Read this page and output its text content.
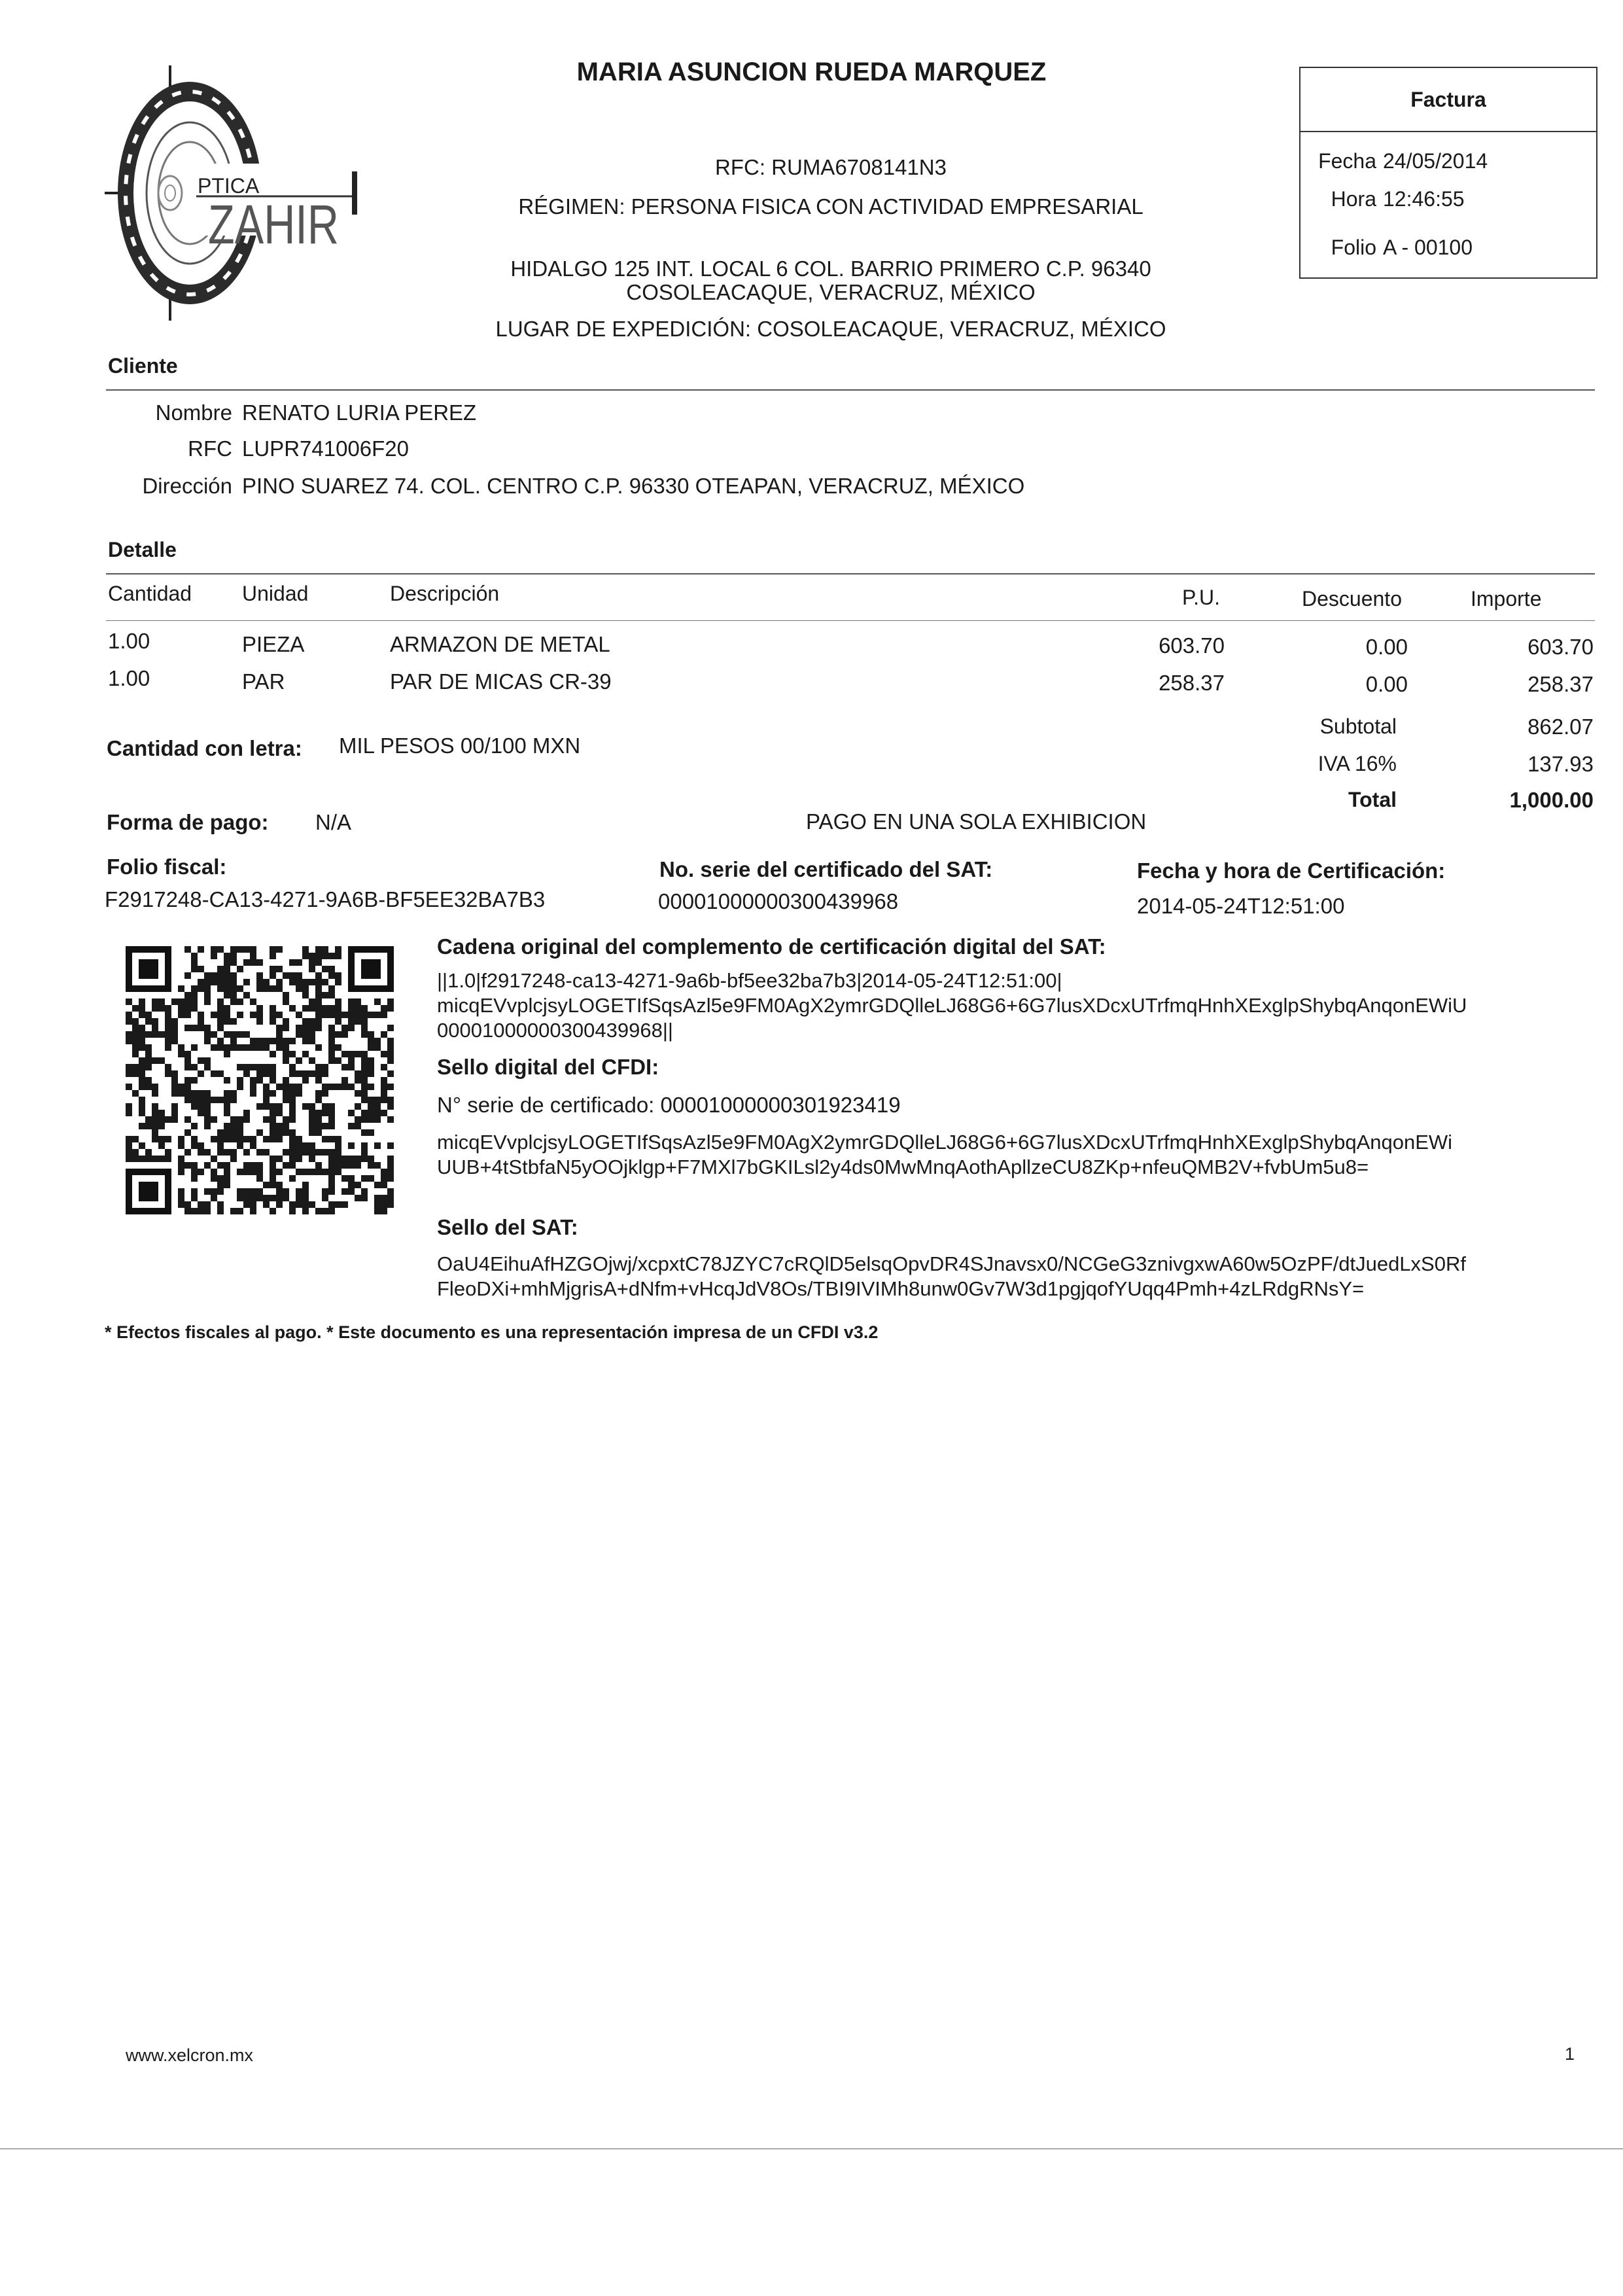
PTICA
ZAHIR
MARIA ASUNCION RUEDA MARQUEZ
RFC: RUMA6708141N3
RÉGIMEN: PERSONA FISICA CON ACTIVIDAD EMPRESARIAL
HIDALGO 125 INT. LOCAL 6 COL. BARRIO PRIMERO C.P. 96340
COSOLEACAQUE, VERACRUZ, MÉXICO
LUGAR DE EXPEDICIÓN: COSOLEACAQUE, VERACRUZ, MÉXICO
Factura
Fecha 24/05/2014
Hora 12:46:55
Folio A - 00100
Cliente
Nombre RENATO LURIA PEREZ
RFC LUPR741006F20
Dirección PINO SUAREZ 74. COL. CENTRO C.P. 96330 OTEAPAN, VERACRUZ, MÉXICO
Detalle
Cantidad Unidad	Descripción	P.U.	Descuento	Importe
1.00	PIEZA	ARMAZON DE METAL	603.70	0.00	603.70
1.00	PAR	PAR DE MICAS CR-39	258.37	0.00	258.37
Subtotal	862.07
IVA 16%	137.93
Total	1,000.00
Cantidad con letra: MIL PESOS 00/100 MXN
Forma de pago: N/A	PAGO EN UNA SOLA EXHIBICION
Folio fiscal:
F2917248-CA13-4271-9A6B-BF5EE32BA7B3
No. serie del certificado del SAT:
00001000000300439968
Fecha y hora de Certificación:
2014-05-24T12:51:00
Cadena original del complemento de certificación digital del SAT:
||1.0|f2917248-ca13-4271-9a6b-bf5ee32ba7b3|2014-05-24T12:51:00|
micqEVvplcjsyLOGETIfSqsAzl5e9FM0AgX2ymrGDQlleLJ68G6+6G7lusXDcxUTrfmqHnhXExglpShybqAnqonEWiU
00001000000300439968||
Sello digital del CFDI:
N° serie de certificado: 00001000000301923419
micqEVvplcjsyLOGETIfSqsAzl5e9FM0AgX2ymrGDQlleLJ68G6+6G7lusXDcxUTrfmqHnhXExglpShybqAnqonEWi
UUB+4tStbfaN5yOOjklgp+F7MXl7bGKILsl2y4ds0MwMnqAothApllzeCU8ZKp+nfeuQMB2V+fvbUm5u8=
Sello del SAT:
OaU4EihuAfHZGOjwj/xcpxtC78JZYC7cRQlD5elsqOpvDR4SJnavsx0/NCGeG3znivgxwA60w5OzPF/dtJuedLxS0Rf
FleoDXi+mhMjgrisA+dNfm+vHcqJdV8Os/TBI9IVIMh8unw0Gv7W3d1pgjqofYUqq4Pmh+4zLRdgRNsY=
* Efectos fiscales al pago. * Este documento es una representación impresa de un CFDI v3.2
www.xelcron.mx	1
